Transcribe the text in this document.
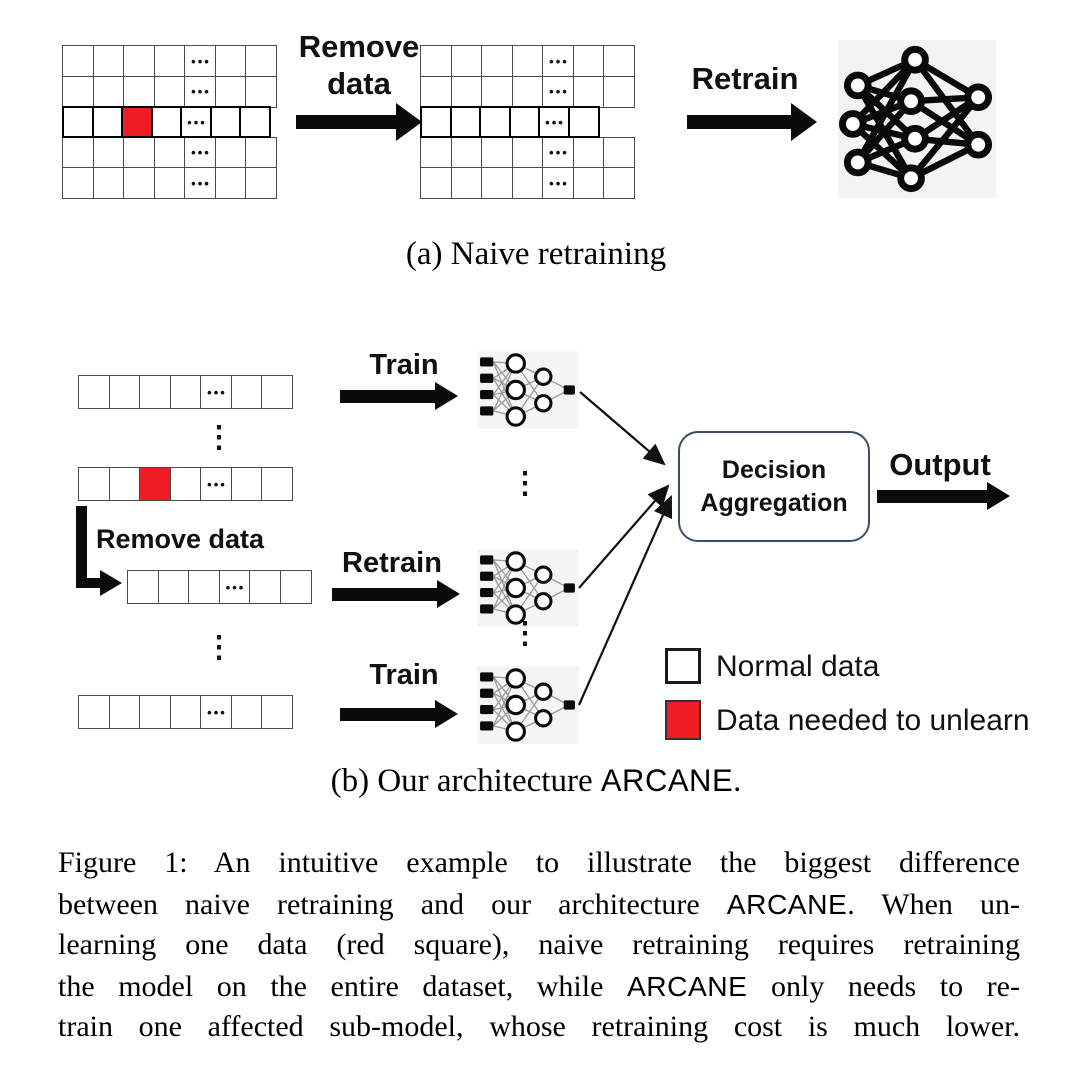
•••
•••
•••
•••
•••
Remove
data
•••
•••
•••
•••
•••
Retrain
(a) Naive retraining
•••
Train
⋮
•••
Remove data
•••
Retrain
⋮
•••
Train
⋮
⋮
Decision
Aggregation
Output
Normal data
Data needed to unlearn
(b) Our architecture ARCANE.
Figure 1: An intuitive example to illustrate the biggest difference
between naive retraining and our architecture ARCANE. When un-
learning one data (red square), naive retraining requires retraining
the model on the entire dataset, while ARCANE only needs to re-
train one affected sub-model, whose retraining cost is much lower.
